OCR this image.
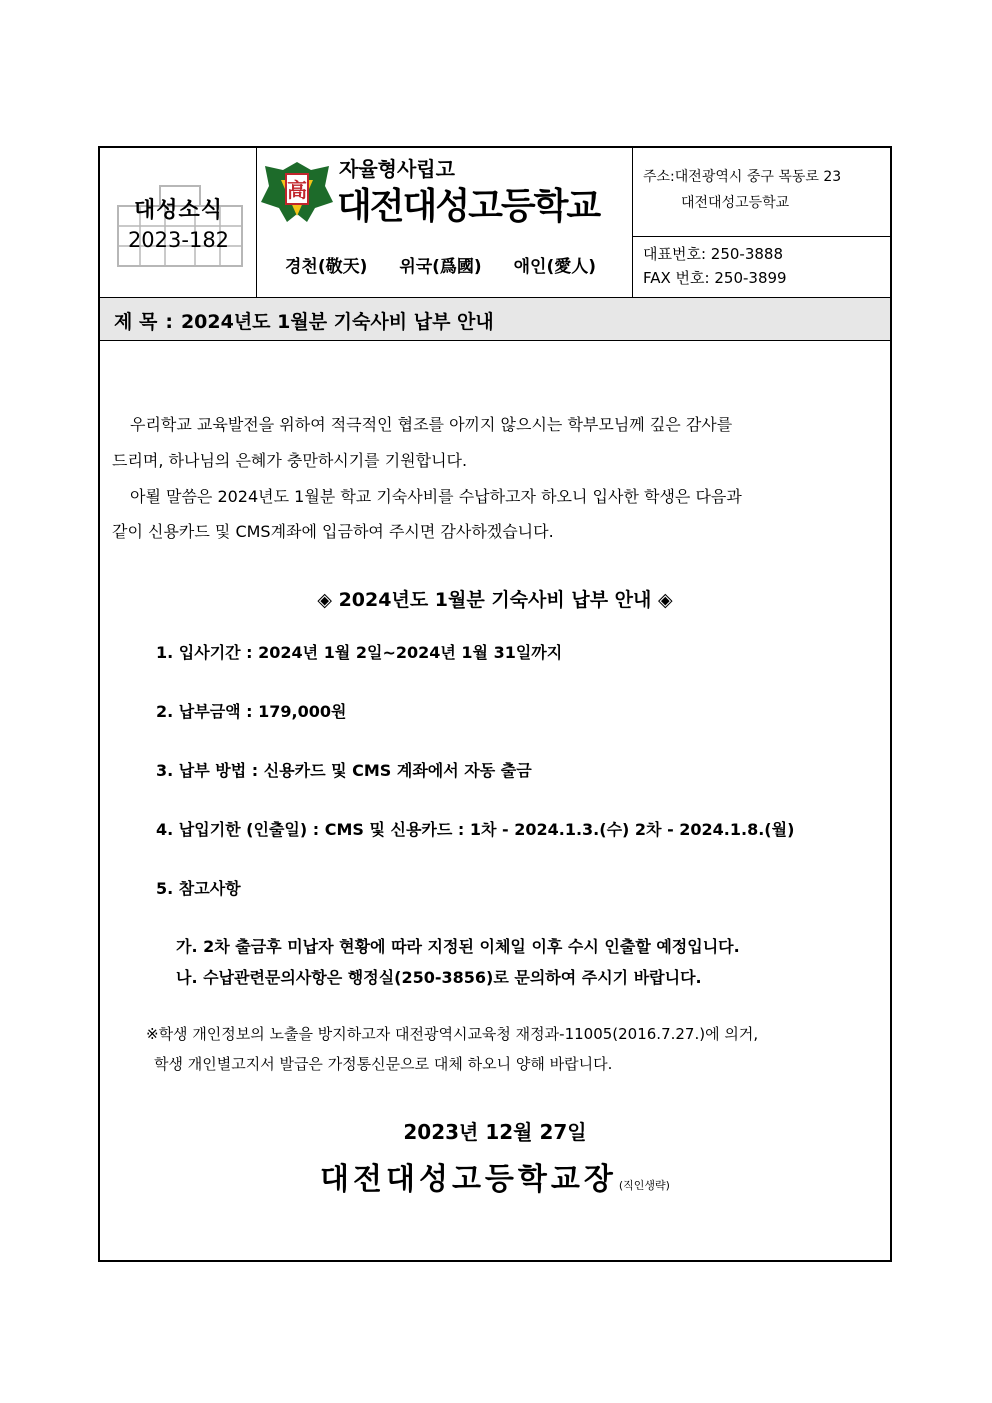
대성소식
2023-182
高
자율형사립고
대전대성고등학교
경천(敬天) 위국(爲國) 애인(愛人)
주소:대전광역시 중구 목동로 23
대전대성고등학교
대표번호: 250-3888
FAX 번호: 250-3899
제 목 : 2024년도 1월분 기숙사비 납부 안내
우리학교 교육발전을 위하여 적극적인 협조를 아끼지 않으시는 학부모님께 깊은 감사를
드리며, 하나님의 은혜가 충만하시기를 기원합니다.
아뢸 말씀은 2024년도 1월분 학교 기숙사비를 수납하고자 하오니 입사한 학생은 다음과
같이 신용카드 및 CMS계좌에 입금하여 주시면 감사하겠습니다.
◈ 2024년도 1월분 기숙사비 납부 안내 ◈
1. 입사기간 : 2024년 1월 2일~2024년 1월 31일까지
2. 납부금액 : 179,000원
3. 납부 방법 : 신용카드 및 CMS 계좌에서 자동 출금
4. 납입기한 (인출일) : CMS 및 신용카드 : 1차 - 2024.1.3.(수) 2차 - 2024.1.8.(월)
5. 참고사항
가. 2차 출금후 미납자 현황에 따라 지정된 이체일 이후 수시 인출할 예정입니다.
나. 수납관련문의사항은 행정실(250-3856)로 문의하여 주시기 바랍니다.
※학생 개인정보의 노출을 방지하고자 대전광역시교육청 재정과-11005(2016.7.27.)에 의거,
학생 개인별고지서 발급은 가정통신문으로 대체 하오니 양해 바랍니다.
2023년 12월 27일
대전대성고등학교장 (직인생략)
